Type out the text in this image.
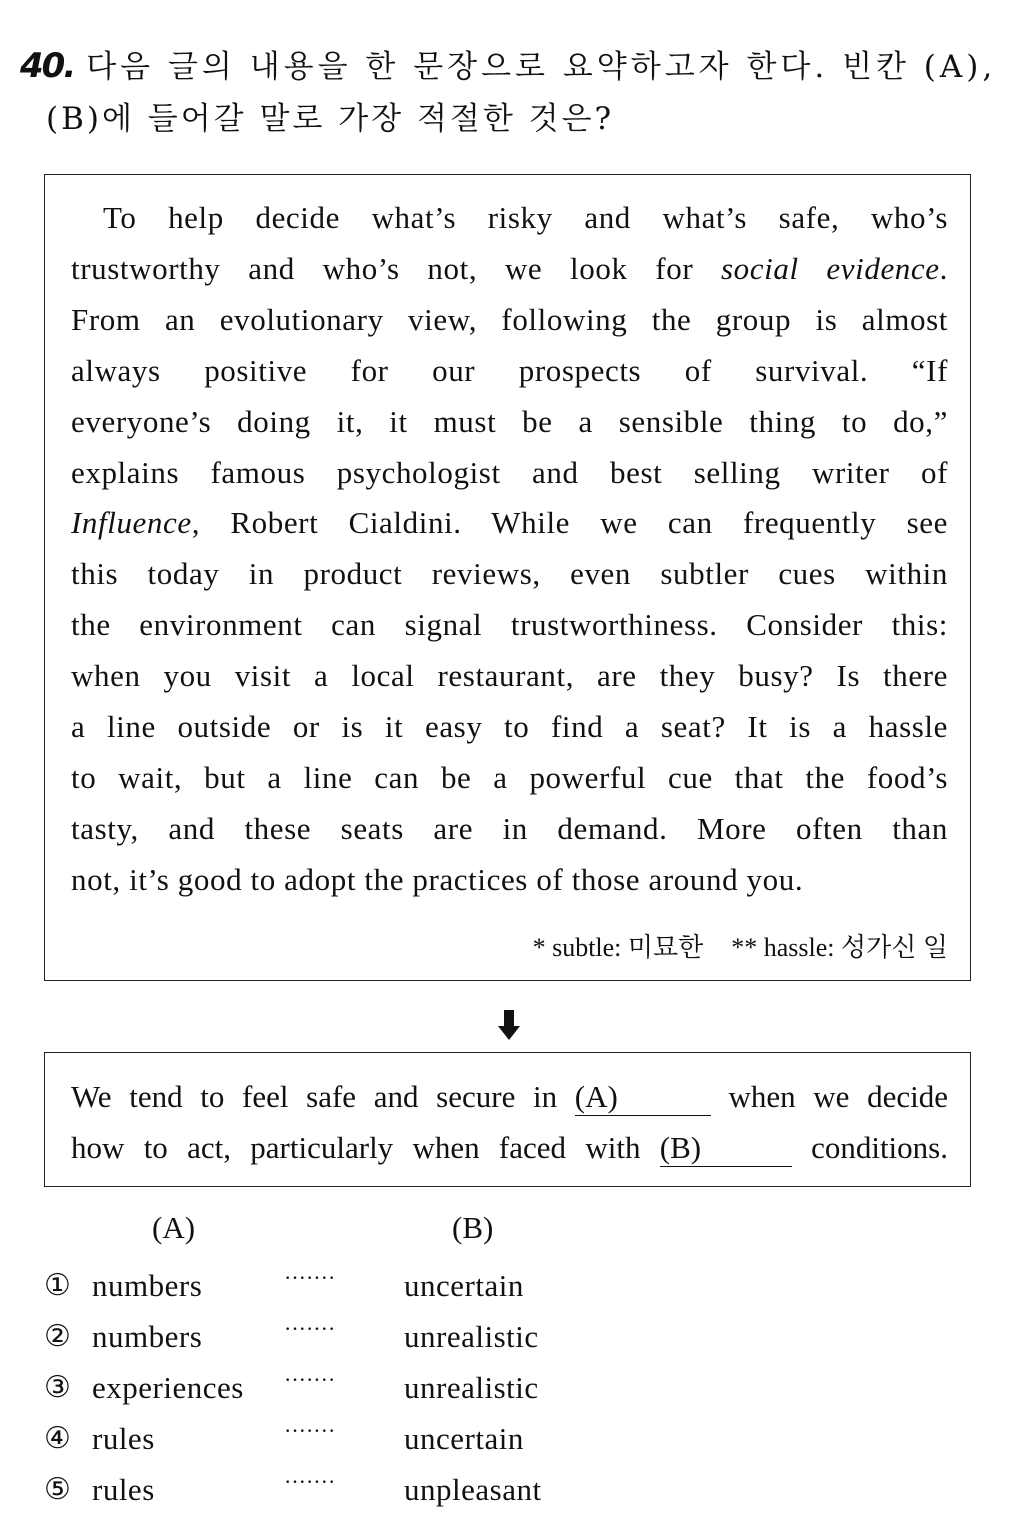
40. 다음 글의 내용을 한 문장으로 요약하고자 한다. 빈칸 (A),
(B)에 들어갈 말로 가장 적절한 것은?
To help decide what’s risky and what’s safe, who’s
trustworthy and who’s not, we look for social evidence.
From an evolutionary view, following the group is almost
always positive for our prospects of survival. “If
everyone’s doing it, it must be a sensible thing to do,”
explains famous psychologist and best selling writer of
Influence, Robert Cialdini. While we can frequently see
this today in product reviews, even subtler cues within
the environment can signal trustworthiness. Consider this:
when you visit a local restaurant, are they busy? Is there
a line outside or is it easy to find a seat? It is a hassle
to wait, but a line can be a powerful cue that the food’s
tasty, and these seats are in demand. More often than
not, it’s good to adopt the practices of those around you.
* subtle: 미묘한 ** hassle: 성가신 일
We tend to feel safe and secure in (A)	when we decide
how to act, particularly when faced with (B)	conditions.
(A)	(B)
① numbers	······· uncertain
② numbers	······· unrealistic
③ experiences ······· unrealistic
④ rules	······· uncertain
⑤ rules	······· unpleasant
